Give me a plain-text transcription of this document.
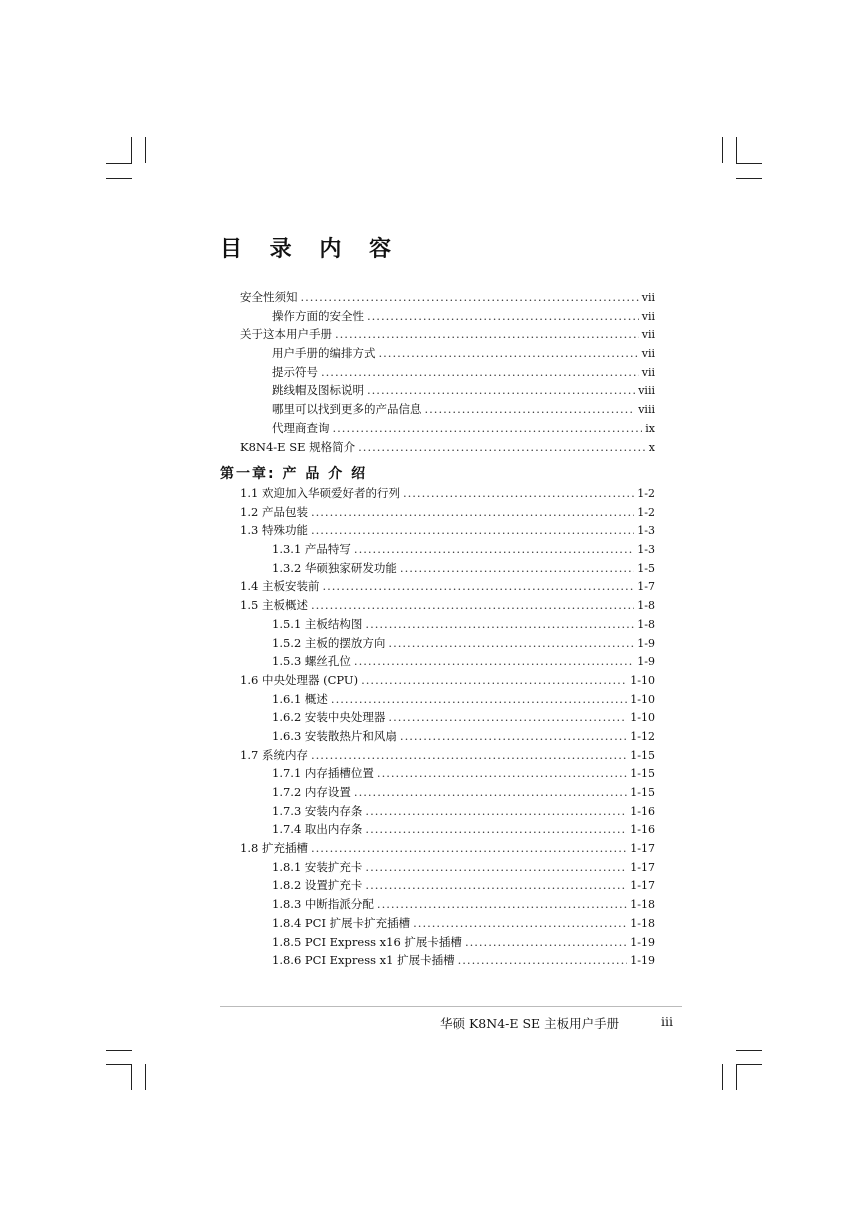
目 录 内 容
安全性须知 .....	vii
操作方面的安全性 .....	vii
关于这本用户手册 .....	vii
用户手册的编排方式 .....	vii
提示符号 .....	vii
跳线帽及图标说明 .....	viii
哪里可以找到更多的产品信息 .....	viii
代理商查询 .....	ix
K8N4-E SE 规格简介 .....	x
第一章: 产 品 介 绍
1.1 欢迎加入华硕爱好者的行列 .....	1-2
1.2 产品包装 .....	1-2
1.3 特殊功能 .....	1-3
1.3.1 产品特写 .....	1-3
1.3.2 华硕独家研发功能 .....	1-5
1.4 主板安装前 .....	1-7
1.5 主板概述 .....	1-8
1.5.1 主板结构图 .....	1-8
1.5.2 主板的摆放方向 .....	1-9
1.5.3 螺丝孔位 .....	1-9
1.6 中央处理器 (CPU) .....	1-10
1.6.1 概述 .....	1-10
1.6.2 安装中央处理器 .....	1-10
1.6.3 安装散热片和风扇 .....	1-12
1.7 系统内存 .....	1-15
1.7.1 内存插槽位置 .....	1-15
1.7.2 内存设置 .....	1-15
1.7.3 安装内存条 .....	1-16
1.7.4 取出内存条 .....	1-16
1.8 扩充插槽 .....	1-17
1.8.1 安装扩充卡 .....	1-17
1.8.2 设置扩充卡 .....	1-17
1.8.3 中断指派分配 .....	1-18
1.8.4 PCI 扩展卡扩充插槽 .....	1-18
1.8.5 PCI Express x16 扩展卡插槽 .....	1-19
1.8.6 PCI Express x1 扩展卡插槽 .....	1-19
华硕 K8N4-E SE 主板用户手册	iii
